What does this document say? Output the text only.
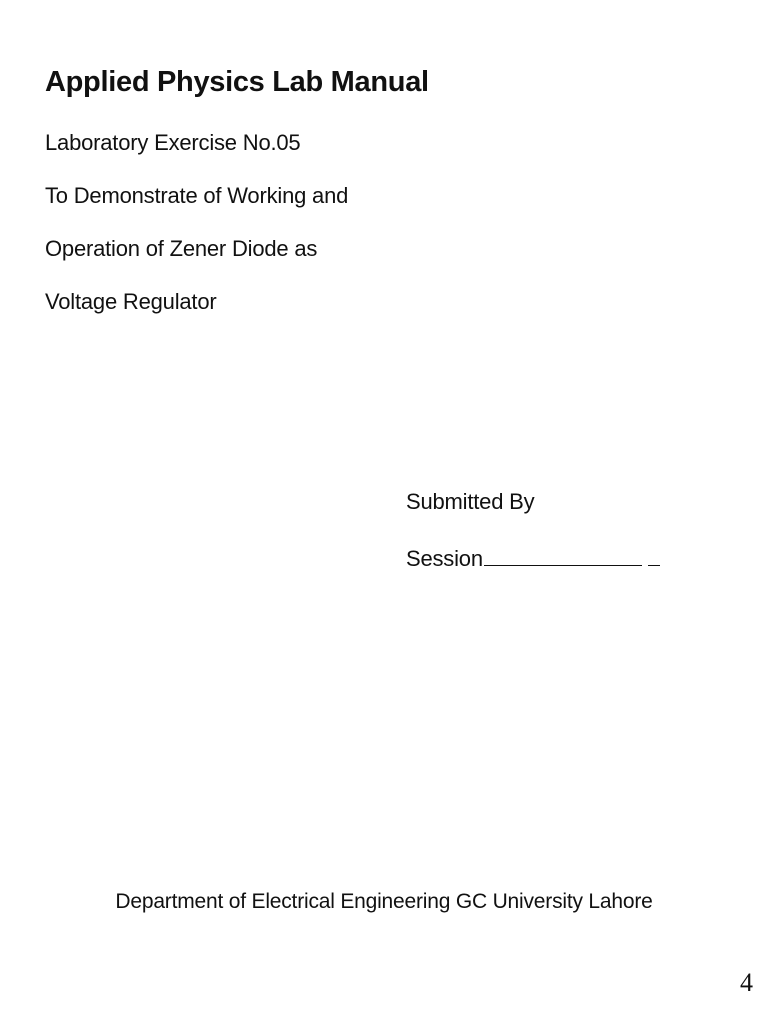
Applied Physics Lab Manual
Laboratory Exercise No.05
To Demonstrate of Working and
Operation of Zener Diode as
Voltage Regulator
Submitted By
Session
Department of Electrical Engineering GC University Lahore
4
